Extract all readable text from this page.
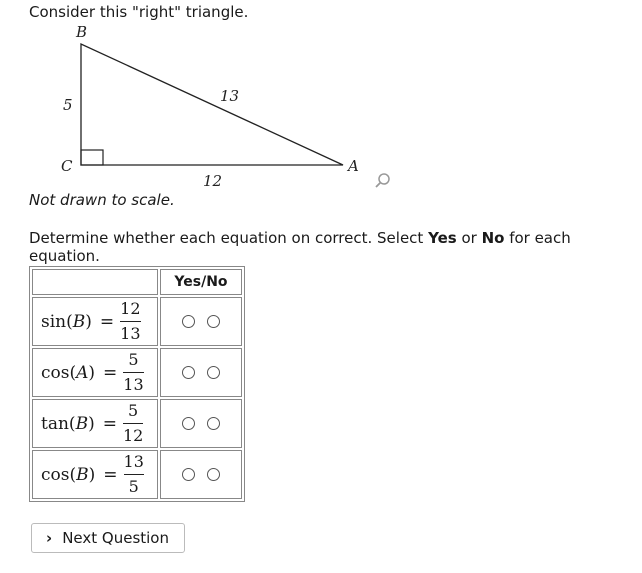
Consider this "right" triangle.
B
C	A
5	13
12
Not drawn to scale.
Determine whether each equation on correct. Select Yes or No for each equation.
	Yes/No

$\sin(B) = \frac{12}{13}$

$\cos(A) = \frac{5}{13}$

$\tan(B) = \frac{5}{12}$

$\cos(B) = \frac{13}{5}$

› Next Question
